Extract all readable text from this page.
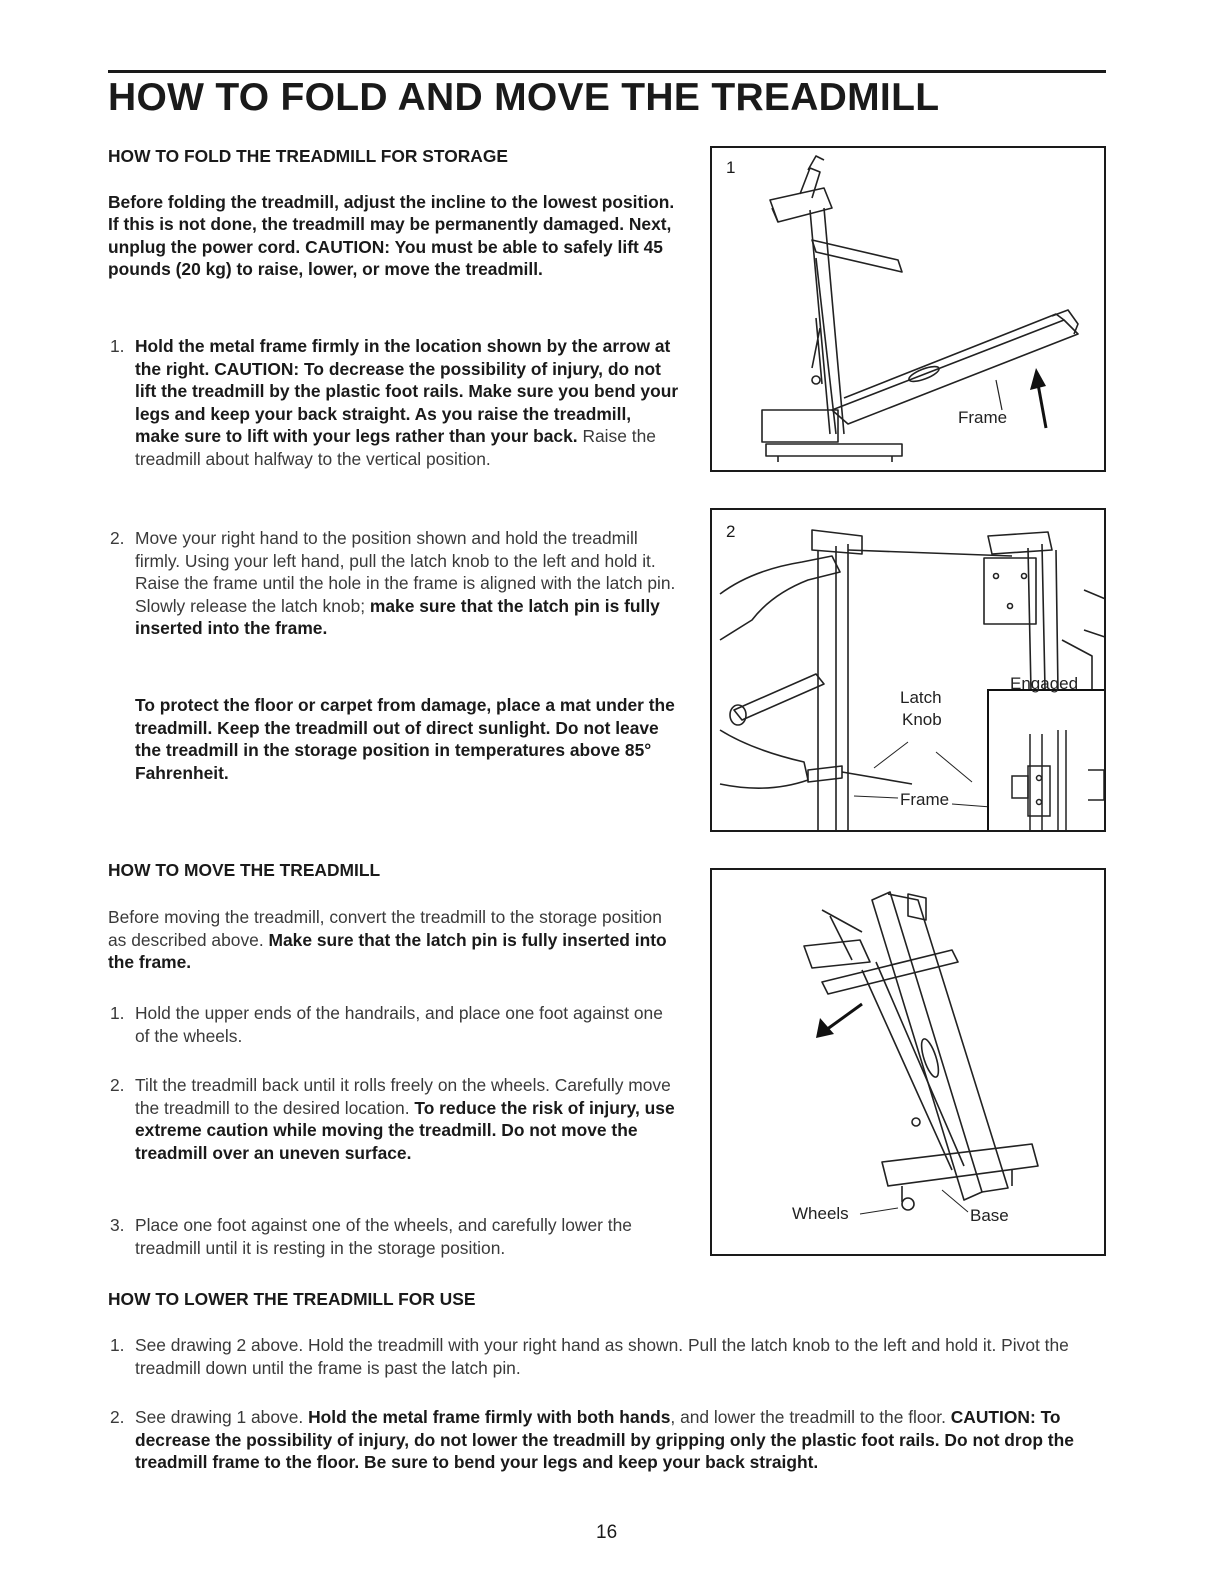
HOW TO FOLD AND MOVE THE TREADMILL
HOW TO FOLD THE TREADMILL FOR STORAGE

Before folding the treadmill, adjust the incline to the lowest position. If this is not done, the treadmill may be permanently damaged. Next, unplug the power cord. CAUTION: You must be able to safely lift 45 pounds (20 kg) to raise, lower, or move the treadmill.

1. Hold the metal frame firmly in the location shown by the arrow at the right. CAUTION: To decrease the possibility of injury, do not lift the treadmill by the plastic foot rails. Make sure you bend your legs and keep your back straight. As you raise the treadmill, make sure to lift with your legs rather than your back. Raise the treadmill about halfway to the vertical position.

2. Move your right hand to the position shown and hold the treadmill firmly. Using your left hand, pull the latch knob to the left and hold it. Raise the frame until the hole in the frame is aligned with the latch pin. Slowly release the latch knob; make sure that the latch pin is fully inserted into the frame.

To protect the floor or carpet from damage, place a mat under the treadmill. Keep the treadmill out of direct sunlight. Do not leave the treadmill in the storage position in temperatures above 85° Fahrenheit.

HOW TO MOVE THE TREADMILL

Before moving the treadmill, convert the treadmill to the storage position as described above. Make sure that the latch pin is fully inserted into the frame.

1. Hold the upper ends of the handrails, and place one foot against one of the wheels.

2. Tilt the treadmill back until it rolls freely on the wheels. Carefully move the treadmill to the desired location. To reduce the risk of injury, use extreme caution while moving the treadmill. Do not move the treadmill over an uneven surface.

3. Place one foot against one of the wheels, and carefully lower the treadmill until it is resting in the storage position.

HOW TO LOWER THE TREADMILL FOR USE
1. See drawing 2 above. Hold the treadmill with your right hand as shown. Pull the latch knob to the left and hold it. Pivot the treadmill down until the frame is past the latch pin.

2. See drawing 1 above. Hold the metal frame firmly with both hands, and lower the treadmill to the floor. CAUTION: To decrease the possibility of injury, do not lower the treadmill by gripping only the plastic foot rails. Do not drop the treadmill frame to the floor. Be sure to bend your legs and keep your back straight.

1
Frame
2
Latch
Knob
Frame
Engaged
Wheels	Base
16
